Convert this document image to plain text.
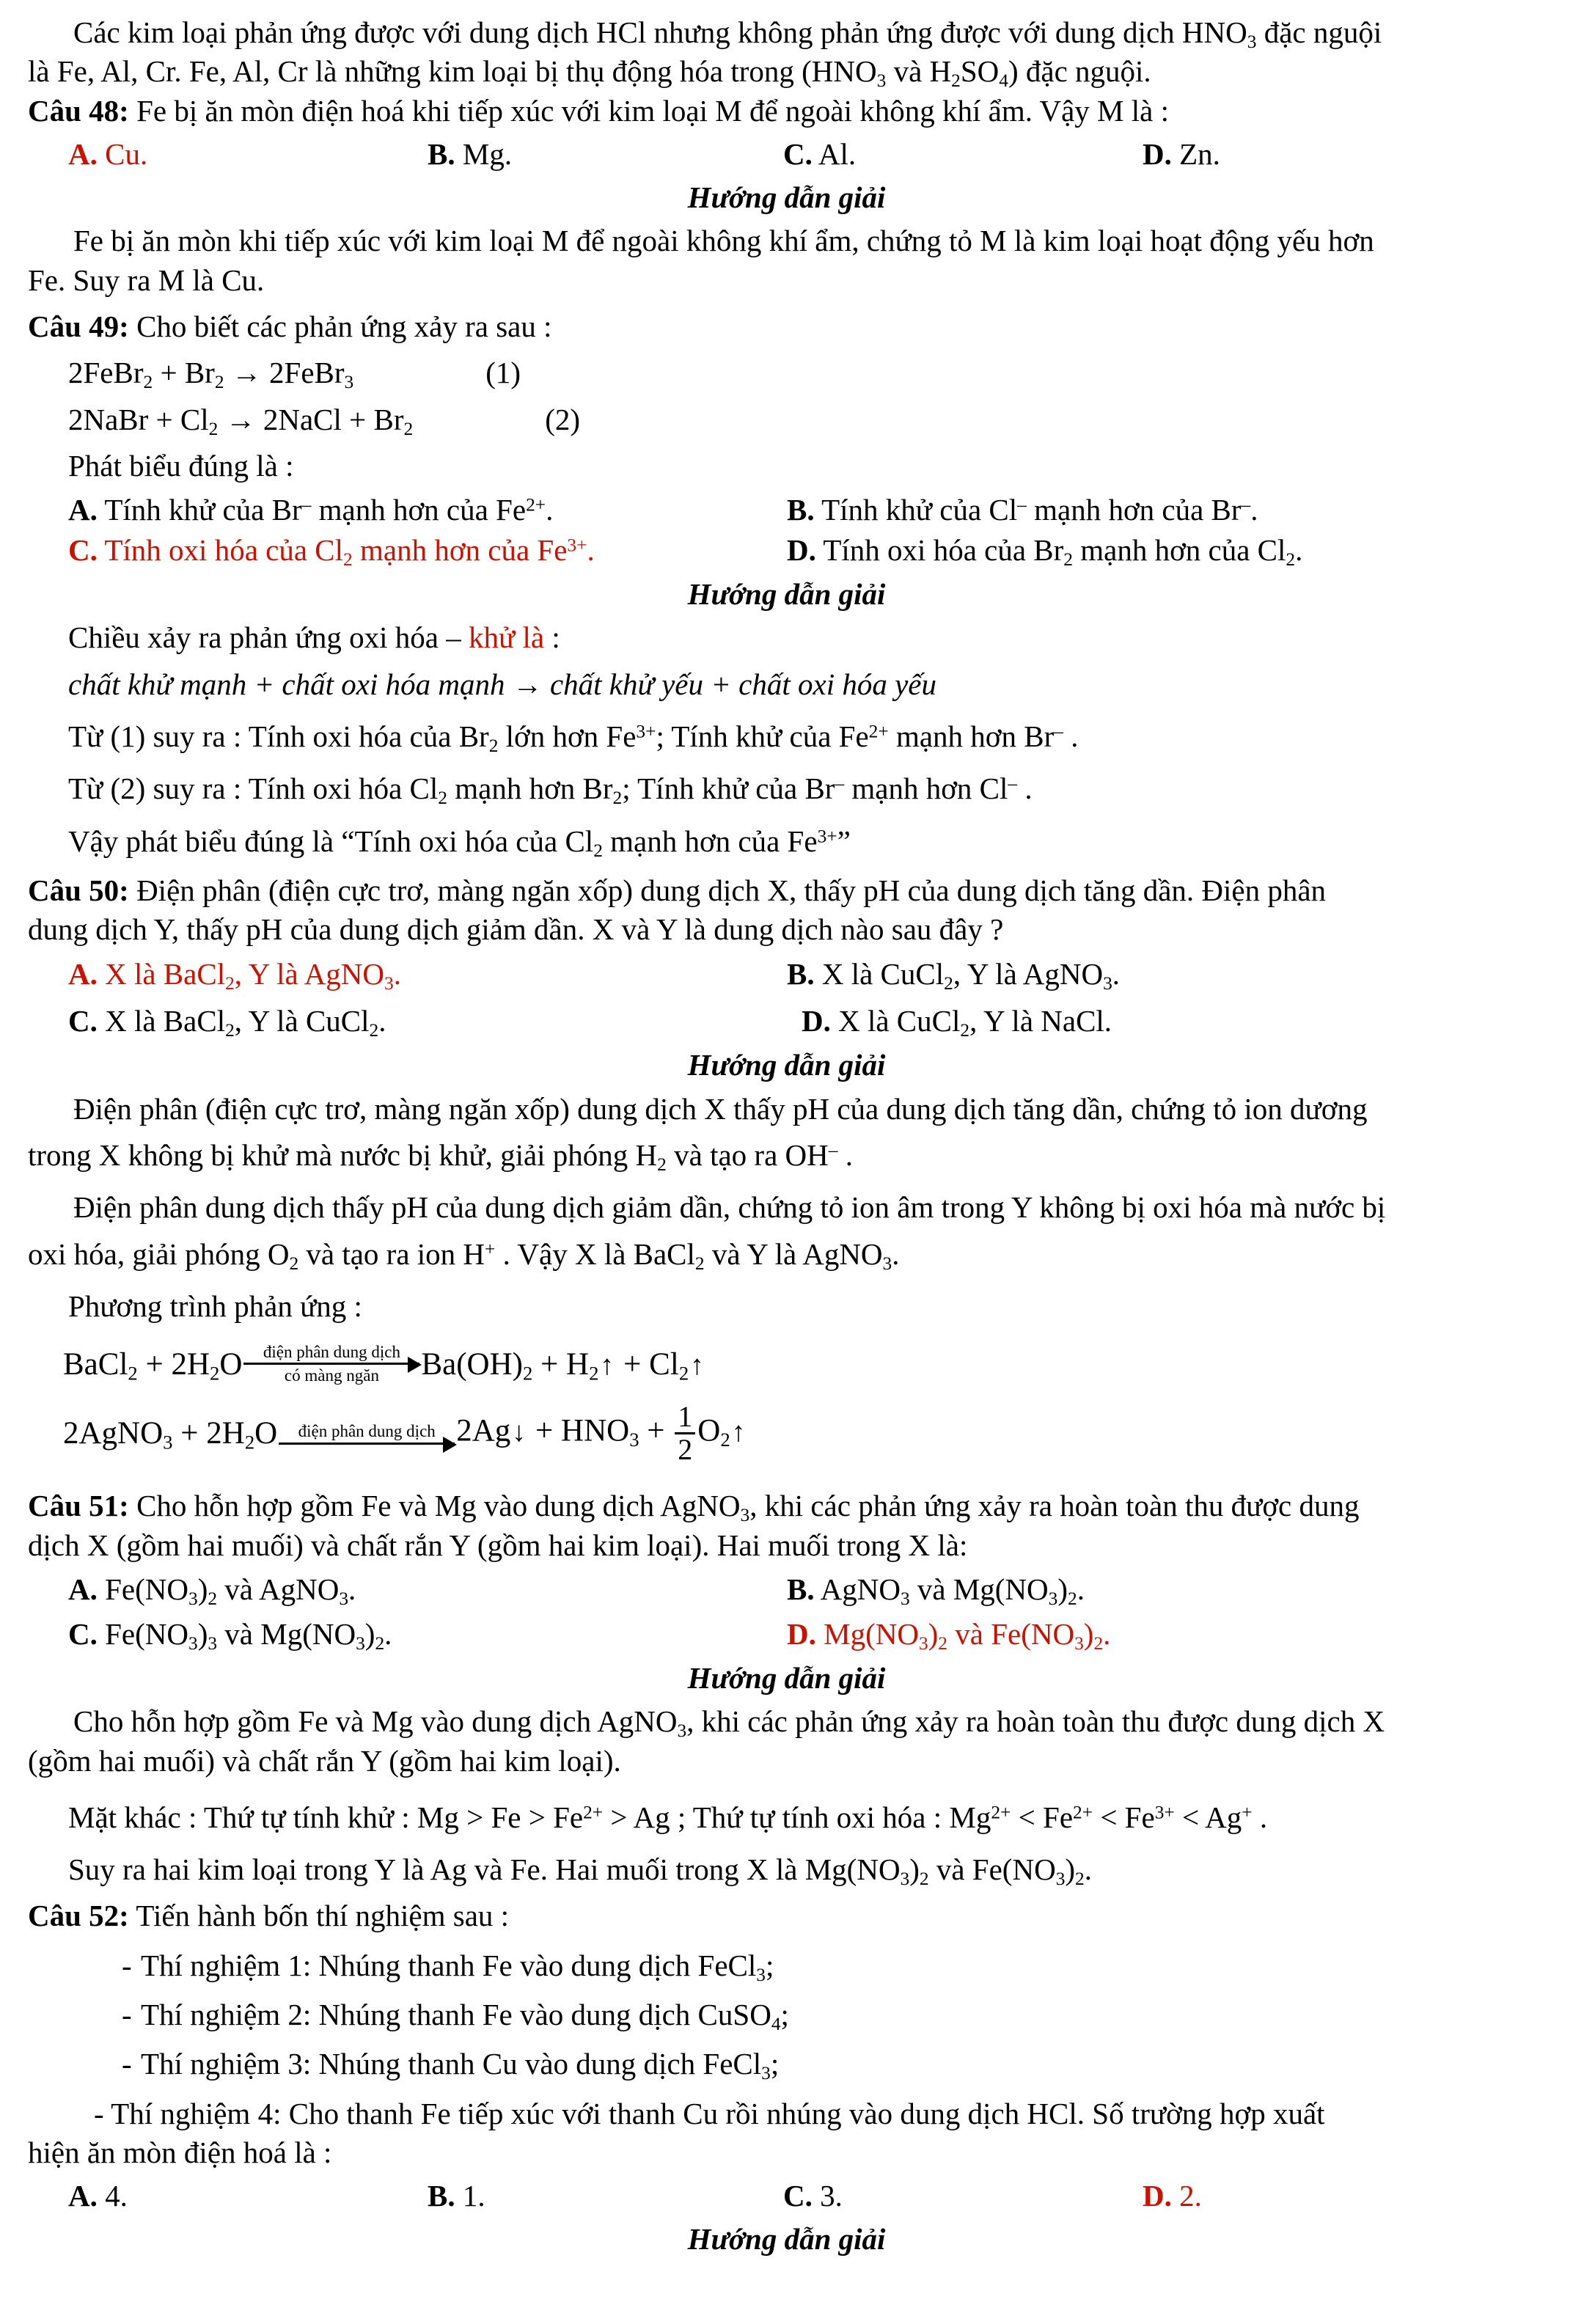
Các kim loại phản ứng được với dung dịch HCl nhưng không phản ứng được với dung dịch $HNO_3$ đặc nguội

là Fe, Al, Cr. Fe, Al, Cr là những kim loại bị thụ động hóa trong ($HNO_3$ và $H_2SO_4$) đặc nguội.

Câu 48: Fe bị ăn mòn điện hoá khi tiếp xúc với kim loại M để ngoài không khí ẩm. Vậy M là :

A. Cu.	B. Mg.	C. Al.	D. Zn.

Hướng dẫn giải

Fe bị ăn mòn khi tiếp xúc với kim loại M để ngoài không khí ẩm, chứng tỏ M là kim loại hoạt động yếu hơn

Fe. Suy ra M là Cu.

Câu 49: Cho biết các phản ứng xảy ra sau :

2FeBr$_2$ + $Br_2$ → 2FeBr$_3$	(1)

2NaBr + $Cl_2$ → 2NaCl + $Br_2$	(2)

Phát biểu đúng là :

A. Tính khử của Br– mạnh hơn của $Fe^{2+}$.	B. Tính khử của Cl– mạnh hơn của Br–.
C. Tính oxi hóa của $Cl_2$ mạnh hơn của $Fe^{3+}$.	D. Tính oxi hóa của $Br_2$ mạnh hơn của $Cl_2$.

Hướng dẫn giải

Chiều xảy ra phản ứng oxi hóa – khử là :

chất khử mạnh + chất oxi hóa mạnh → chất khử yếu + chất oxi hóa yếu

Từ (1) suy ra : Tính oxi hóa của $Br_2$ lớn hơn $Fe^{3+}$; Tính khử của $Fe^{2+}$ mạnh hơn Br– .

Từ (2) suy ra : Tính oxi hóa $Cl_2$ mạnh hơn $Br_2$; Tính khử của Br– mạnh hơn Cl– .

Vậy phát biểu đúng là “Tính oxi hóa của $Cl_2$ mạnh hơn của $Fe^{3+}$”

Câu 50: Điện phân (điện cực trơ, màng ngăn xốp) dung dịch X, thấy pH của dung dịch tăng dần. Điện phân

dung dịch Y, thấy pH của dung dịch giảm dần. X và Y là dung dịch nào sau đây ?

A. X là BaCl$_2$, Y là AgNO$_3$.	B. X là CuCl$_2$, Y là AgNO$_3$.
C. X là BaCl$_2$, Y là CuCl$_2$.	D. X là CuCl$_2$, Y là NaCl.

Hướng dẫn giải

Điện phân (điện cực trơ, màng ngăn xốp) dung dịch X thấy pH của dung dịch tăng dần, chứng tỏ ion dương

trong X không bị khử mà nước bị khử, giải phóng $H_2$ và tạo ra OH– .

Điện phân dung dịch thấy pH của dung dịch giảm dần, chứng tỏ ion âm trong Y không bị oxi hóa mà nước bị

oxi hóa, giải phóng $O_2$ và tạo ra ion H+ . Vậy X là BaCl$_2$ và Y là AgNO$_3$.

Phương trình phản ứng :

BaCl$_2$ + $2H_2O$ điện phân dung dịch
có màng ngăn $Ba(OH)_2$ + $H_2↑$ + $Cl_2↑$
2AgNO$_3$ + $2H_2O$ điện phân dung dịch 2Ag↓ + $HNO_3 + \frac{1}{2}$ $O_2↑$

Câu 51: Cho hỗn hợp gồm Fe và Mg vào dung dịch AgNO$_3$, khi các phản ứng xảy ra hoàn toàn thu được dung

dịch X (gồm hai muối) và chất rắn Y (gồm hai kim loại). Hai muối trong X là:

A. $Fe(NO_3)_2$ và AgNO$_3$.	B. AgNO$_3$ và $Mg(NO_3)_2$.
C. $Fe(NO_3)_3$ và $Mg(NO_3)_2$.	D. $Mg(NO_3)_2$ và $Fe(NO_3)_2$.

Hướng dẫn giải

Cho hỗn hợp gồm Fe và Mg vào dung dịch AgNO$_3$, khi các phản ứng xảy ra hoàn toàn thu được dung dịch X

(gồm hai muối) và chất rắn Y (gồm hai kim loại).

Mặt khác : Thứ tự tính khử : $Mg > Fe > Fe^{2+} > Ag$ ; Thứ tự tính oxi hóa : $Mg^{2+} < Fe^{2+} < Fe^{3+} < Ag^+$ .

Suy ra hai kim loại trong Y là Ag và Fe. Hai muối trong X là $Mg(NO_3)_2$ và $Fe(NO_3)_2$.

Câu 52: Tiến hành bốn thí nghiệm sau :

- Thí nghiệm 1: Nhúng thanh Fe vào dung dịch FeCl$_3$;

- Thí nghiệm 2: Nhúng thanh Fe vào dung dịch CuSO$_4$;

- Thí nghiệm 3: Nhúng thanh Cu vào dung dịch FeCl$_3$;

- Thí nghiệm 4: Cho thanh Fe tiếp xúc với thanh Cu rồi nhúng vào dung dịch HCl. Số trường hợp xuất

hiện ăn mòn điện hoá là :

A. 4.	B. 1.	C. 3.	D. 2.

Hướng dẫn giải
